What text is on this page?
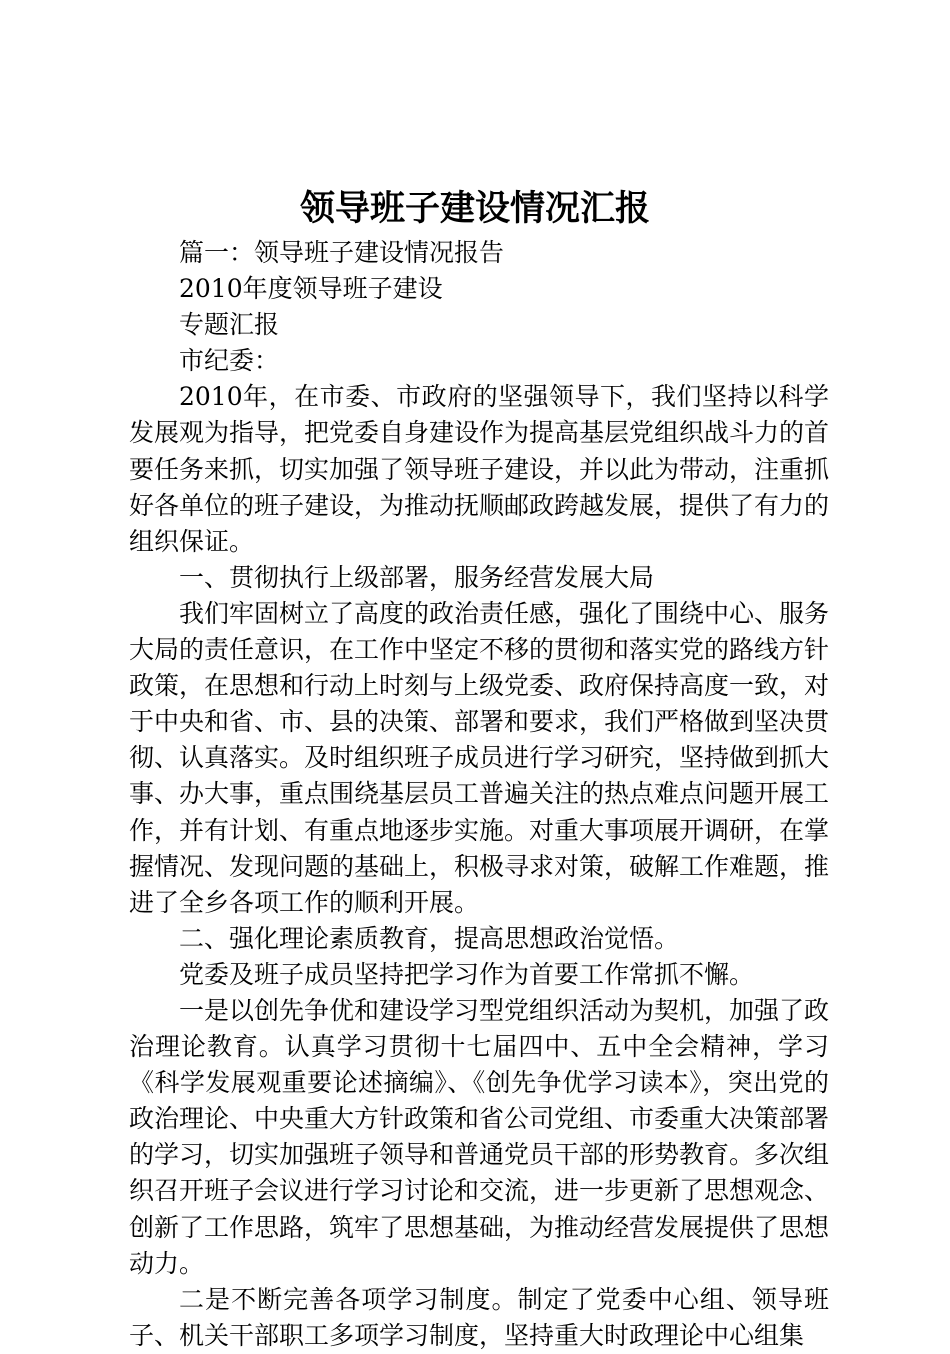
领导班子建设情况汇报

篇一：领导班子建设情况报告

2010年度领导班子建设

专题汇报

市纪委：

2010年，在市委、市政府的坚强领导下，我们坚持以科学发展观为指导，把党委自身建设作为提高基层党组织战斗力的首要任务来抓，切实加强了领导班子建设，并以此为带动，注重抓好各单位的班子建设，为推动抚顺邮政跨越发展，提供了有力的组织保证。

一、贯彻执行上级部署，服务经营发展大局

我们牢固树立了高度的政治责任感，强化了围绕中心、服务大局的责任意识，在工作中坚定不移的贯彻和落实党的路线方针政策，在思想和行动上时刻与上级党委、政府保持高度一致，对于中央和省、市、县的决策、部署和要求，我们严格做到坚决贯彻、认真落实。及时组织班子成员进行学习研究，坚持做到抓大事、办大事，重点围绕基层员工普遍关注的热点难点问题开展工作，并有计划、有重点地逐步实施。对重大事项展开调研，在掌握情况、发现问题的基础上，积极寻求对策，破解工作难题，推进了全乡各项工作的顺利开展。

二、强化理论素质教育，提高思想政治觉悟。

党委及班子成员坚持把学习作为首要工作常抓不懈。

一是以创先争优和建设学习型党组织活动为契机，加强了政治理论教育。认真学习贯彻十七届四中、五中全会精神，学习《科学发展观重要论述摘编》、《创先争优学习读本》，突出党的政治理论、中央重大方针政策和省公司党组、市委重大决策部署的学习，切实加强班子领导和普通党员干部的形势教育。多次组织召开班子会议进行学习讨论和交流，进一步更新了思想观念、创新了工作思路，筑牢了思想基础，为推动经营发展提供了思想动力。

二是不断完善各项学习制度。制定了党委中心组、领导班子、机关干部职工多项学习制度，坚持重大时政理论中心组集
